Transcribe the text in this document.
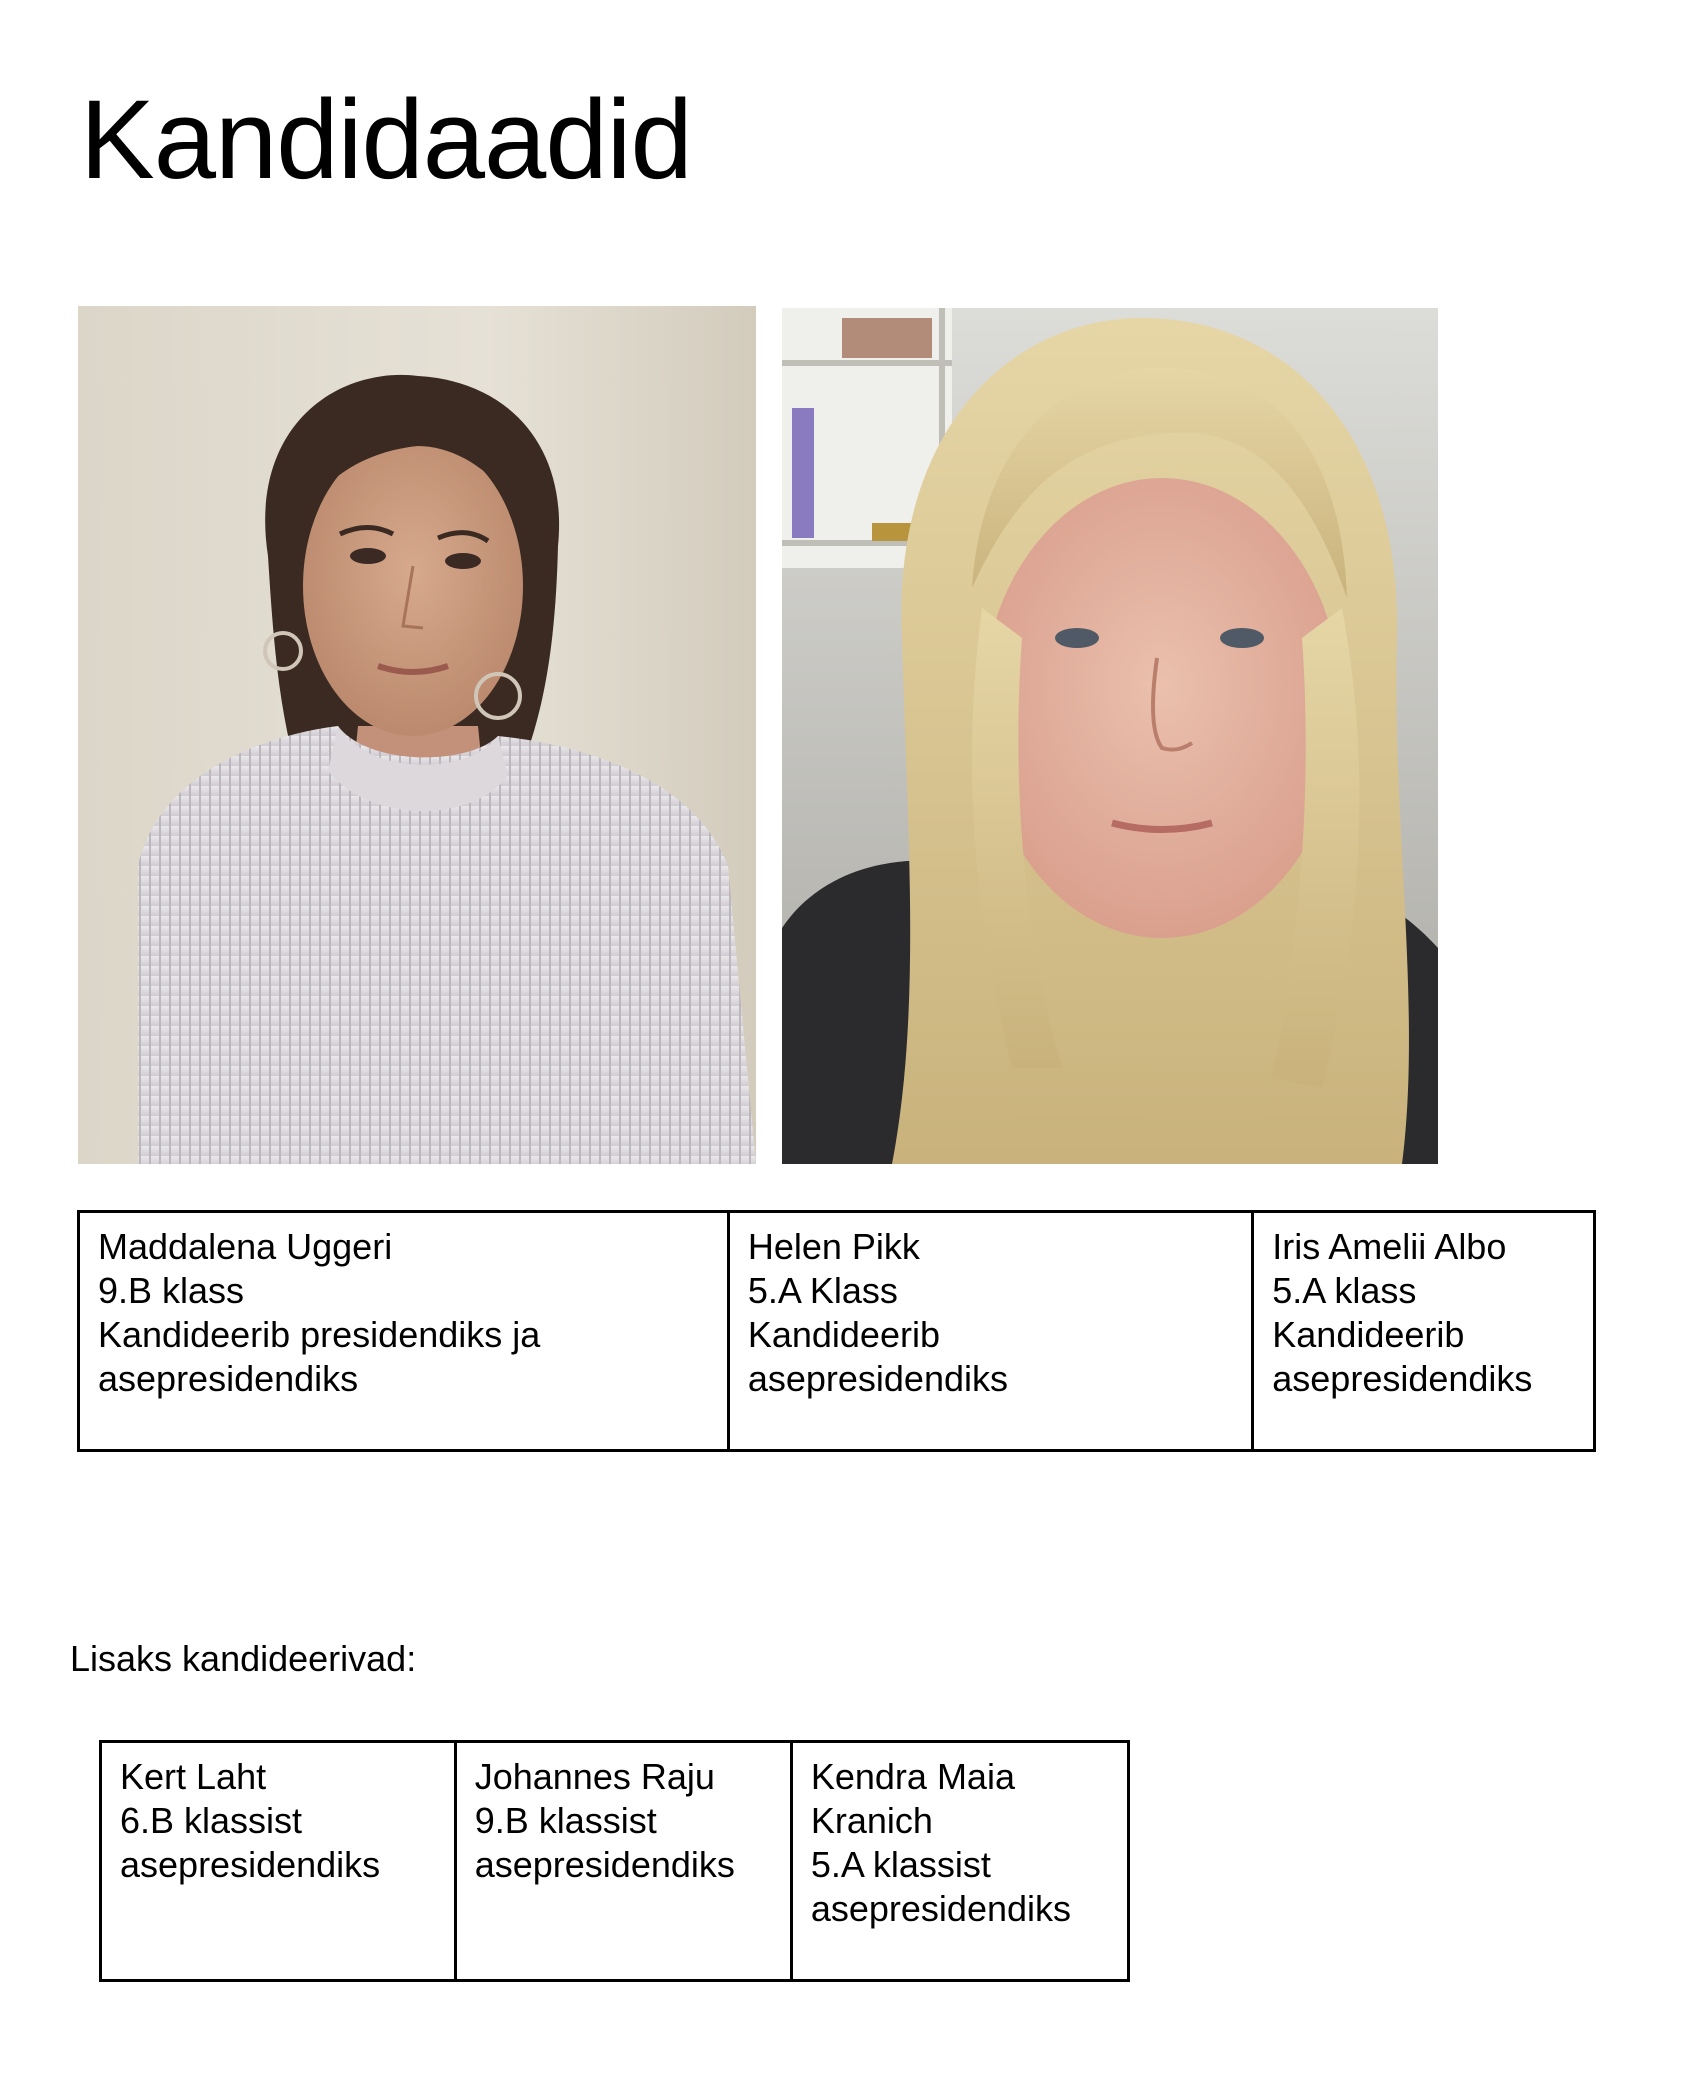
Kandidaadid
Maddalena Uggeri
9.B klass
Kandideerib presidendiks ja
asepresidendiks

Helen Pikk
5.A Klass
Kandideerib
asepresidendiks

Iris Amelii Albo
5.A klass
Kandideerib
asepresidendiks
Lisaks kandideerivad:
Kert Laht
6.B klassist
asepresidendiks

Johannes Raju
9.B klassist
asepresidendiks

Kendra Maia
Kranich
5.A klassist
asepresidendiks
